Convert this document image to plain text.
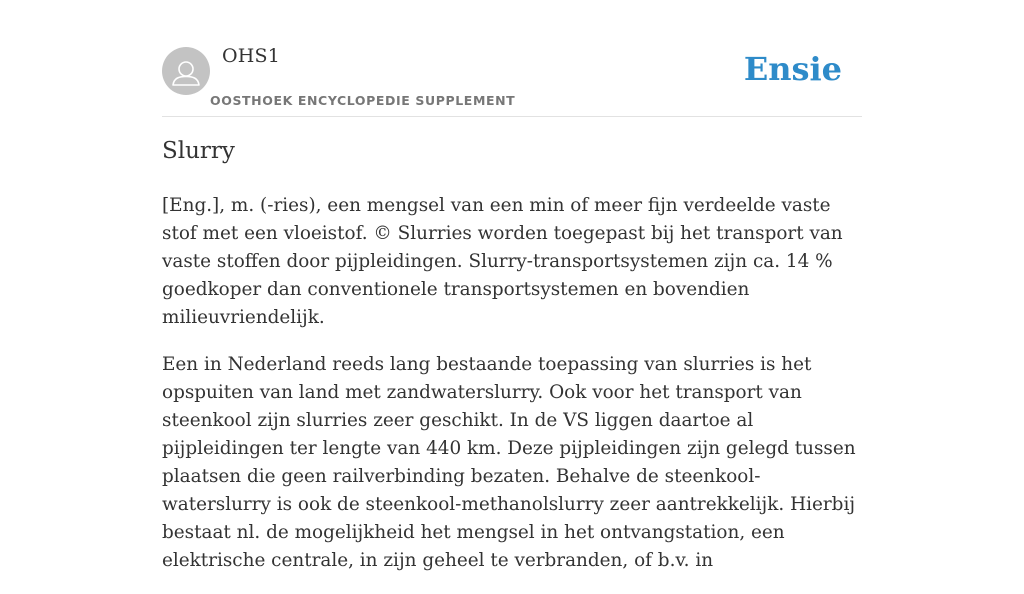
OHS1
OOSTHOEK ENCYCLOPEDIE SUPPLEMENT
Ensie
Slurry

[Eng.], m. (-ries), een mengsel van een min of meer fijn verdeelde vaste stof met een vloeistof. © Slurries worden toegepast bij het transport van vaste stoffen door pijpleidingen. Slurry-transportsystemen zijn ca. 14 % goedkoper dan conventionele transportsystemen en bovendien milieuvriendelijk.

Een in Nederland reeds lang bestaande toepassing van slurries is het opspuiten van land met zandwaterslurry. Ook voor het transport van steenkool zijn slurries zeer geschikt. In de VS liggen daartoe al pijpleidingen ter lengte van 440 km. Deze pijpleidingen zijn gelegd tussen plaatsen die geen railverbinding bezaten. Behalve de steenkool-waterslurry is ook de steenkool-methanolslurry zeer aantrekkelijk. Hierbij bestaat nl. de mogelijkheid het mengsel in het ontvangstation, een elektrische centrale, in zijn geheel te verbranden, of b.v. in
